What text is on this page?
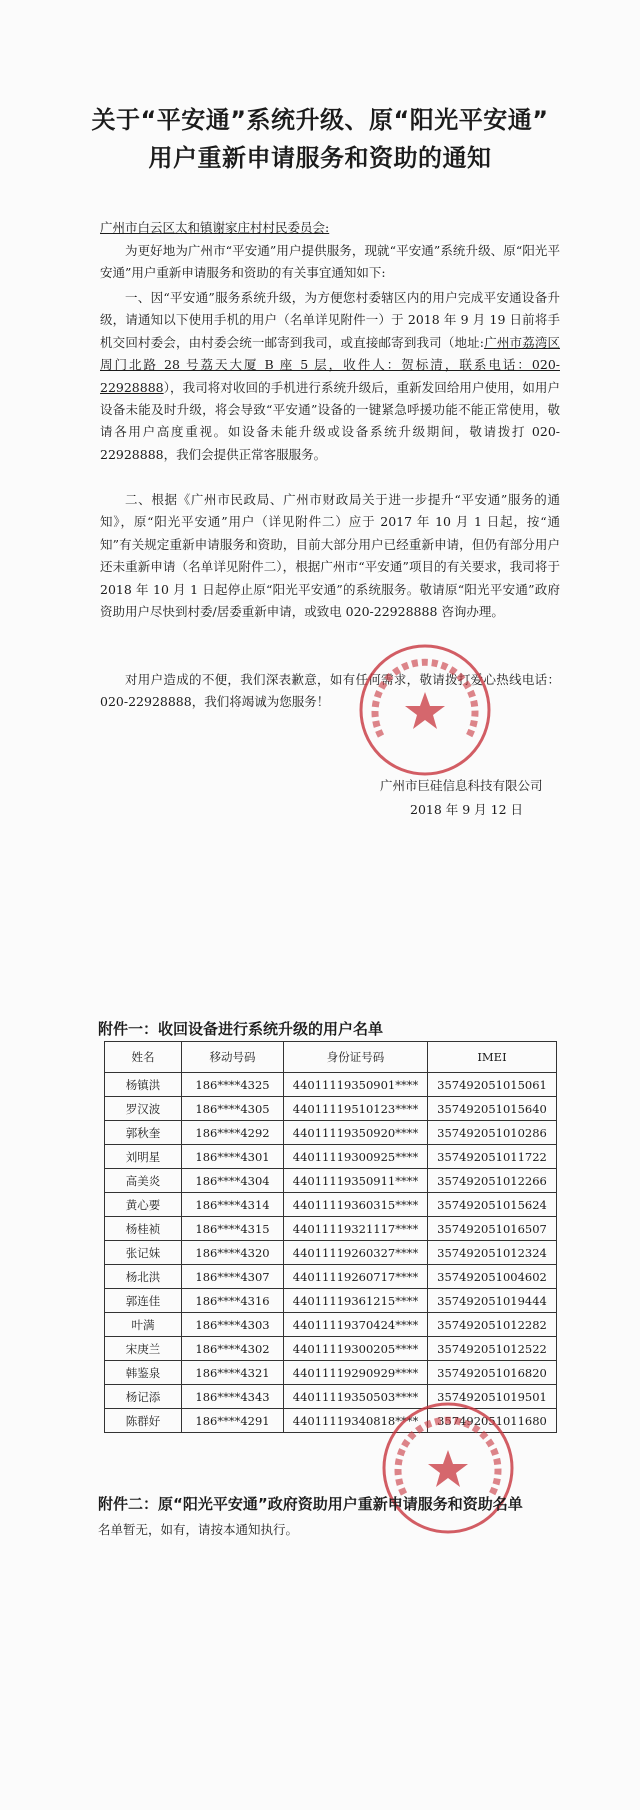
关于“平安通”系统升级、原“阳光平安通”
用户重新申请服务和资助的通知
广州市白云区太和镇谢家庄村村民委员会:

为更好地为广州市“平安通”用户提供服务，现就“平安通”系统升级、原“阳光平安通”用户重新申请服务和资助的有关事宜通知如下:

一、因“平安通”服务系统升级，为方便您村委辖区内的用户完成平安通设备升级，请通知以下使用手机的用户（名单详见附件一）于 2018 年 9 月 19 日前将手机交回村委会，由村委会统一邮寄到我司，或直接邮寄到我司（地址:广州市荔湾区周门北路 28 号荔天大厦 B 座 5 层，收件人：贺标清，联系电话：020-22928888），我司将对收回的手机进行系统升级后，重新发回给用户使用，如用户设备未能及时升级，将会导致“平安通”设备的一键紧急呼援功能不能正常使用，敬请各用户高度重视。如设备未能升级或设备系统升级期间，敬请拨打 020-22928888，我们会提供正常客服服务。

二、根据《广州市民政局、广州市财政局关于进一步提升“平安通”服务的通知》，原“阳光平安通”用户（详见附件二）应于 2017 年 10 月 1 日起，按“通知”有关规定重新申请服务和资助，目前大部分用户已经重新申请，但仍有部分用户还未重新申请（名单详见附件二），根据广州市“平安通”项目的有关要求，我司将于 2018 年 10 月 1 日起停止原“阳光平安通”的系统服务。敬请原“阳光平安通”政府资助用户尽快到村委/居委重新申请，或致电 020-22928888 咨询办理。

对用户造成的不便，我们深表歉意，如有任何需求，敬请拨打爱心热线电话：020-22928888，我们将竭诚为您服务！

广州市巨硅信息科技有限公司
2018 年 9 月 12 日
附件一：收回设备进行系统升级的用户名单
姓名	移动号码	身份证号码	IMEI
杨镇洪	186****4325	44011119350901****	357492051015061
罗汉波	186****4305	44011119510123****	357492051015640
郭秋奎	186****4292	44011119350920****	357492051010286
刘明星	186****4301	44011119300925****	357492051011722
高美炎	186****4304	44011119350911****	357492051012266
黄心要	186****4314	44011119360315****	357492051015624
杨桂祯	186****4315	44011119321117****	357492051016507
张记妹	186****4320	44011119260327****	357492051012324
杨北洪	186****4307	44011119260717****	357492051004602
郭连佳	186****4316	44011119361215****	357492051019444
叶满	186****4303	44011119370424****	357492051012282
宋庚兰	186****4302	44011119300205****	357492051012522
韩鉴泉	186****4321	44011119290929****	357492051016820
杨记添	186****4343	44011119350503****	357492051019501
陈群好	186****4291	44011119340818****	357492051011680
附件二：原“阳光平安通”政府资助用户重新申请服务和资助名单
名单暂无，如有，请按本通知执行。
